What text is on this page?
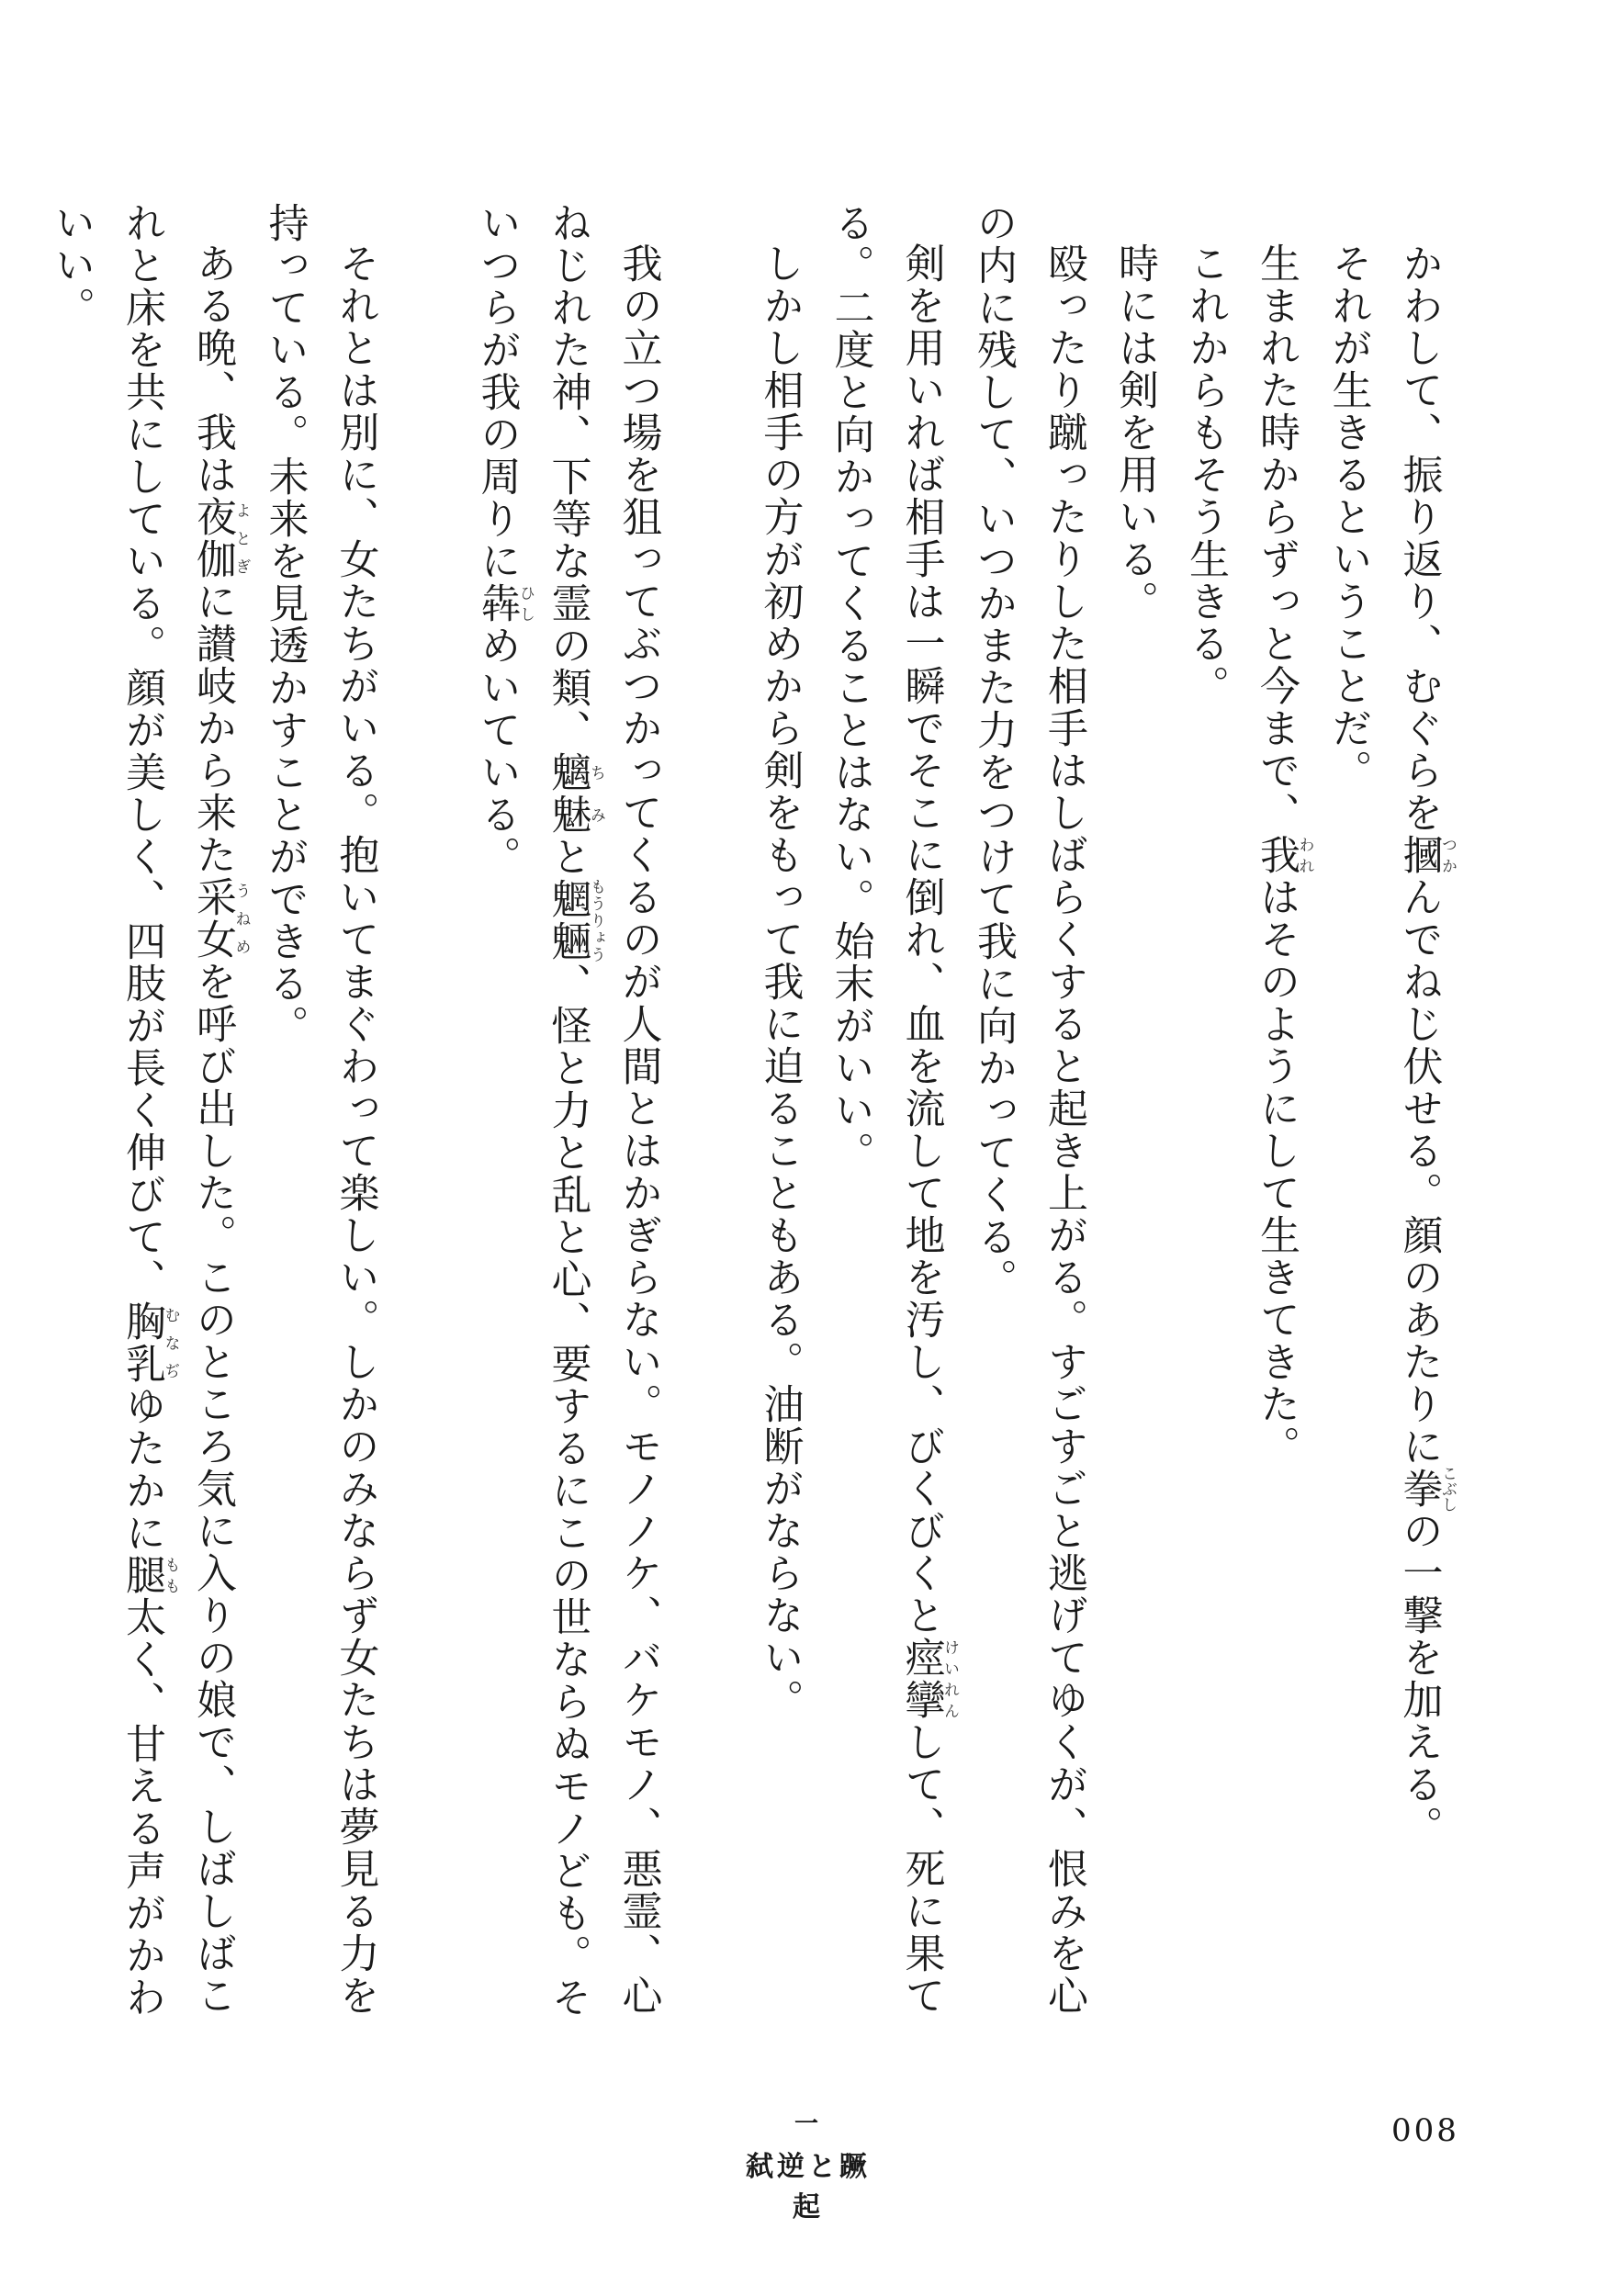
かわして、振り返り、むぐらを摑つかんでねじ伏せる。顔のあたりに拳こぶしの一撃を加える。

それが生きるということだ。

生まれた時からずっと今まで、我われはそのようにして生きてきた。

これからもそう生きる。

時には剣を用いる。

殴ったり蹴ったりした相手はしばらくすると起き上がる。すごすごと逃げてゆくが、恨みを心の内に残して、いつかまた力をつけて我に向かってくる。

剣を用いれば相手は一瞬でそこに倒れ、血を流して地を汚し、びくびくと痙攣けいれんして、死に果てる。二度と向かってくることはない。始末がいい。

しかし相手の方が初めから剣をもって我に迫ることもある。油断がならない。

我の立つ場を狙ってぶつかってくるのが人間とはかぎらない。モノノケ、バケモノ、悪霊、心ねじれた神、下等な霊の類、魑魅ちみと魍魎もうりょう、怪と力と乱と心、要するにこの世ならぬモノども。そいつらが我の周りに犇ひしめいている。

それとは別に、女たちがいる。抱いてまぐわって楽しい。しかのみならず女たちは夢見る力を持っている。未来を見透かすことができる。

ある晩、我は夜伽よとぎに讃岐から来た采女うねめを呼び出した。このところ気に入りの娘で、しばしばこれと床を共にしている。顔が美しく、四肢が長く伸びて、胸乳むなぢゆたかに腿もも太く、甘える声がかわいい。

一
弑逆と蹶起
008
